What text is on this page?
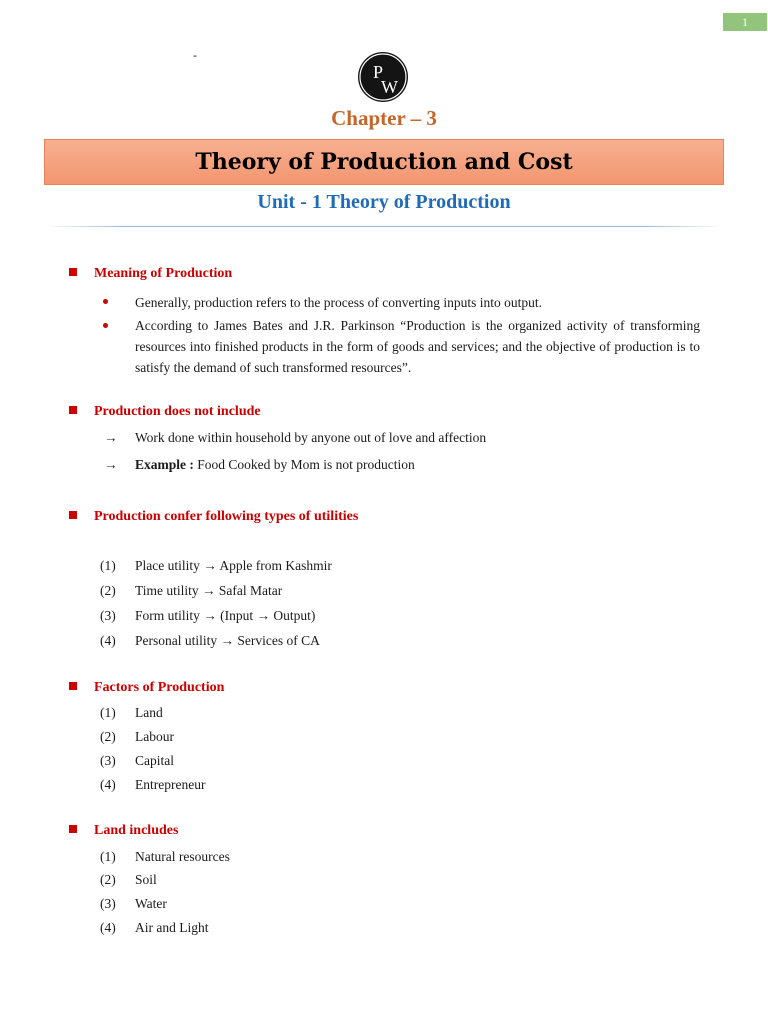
1
-
P
W
Chapter – 3
Theory of Production and Cost
Unit - 1 Theory of Production
Meaning of Production
Generally, production refers to the process of converting inputs into output.
According to James Bates and J.R. Parkinson “Production is the organized activity of transforming resources into finished products in the form of goods and services; and the objective of production is to satisfy the demand of such transformed resources”.
Production does not include
→ Work done within household by anyone out of love and affection
→ Example : Food Cooked by Mom is not production
Production confer following types of utilities
(1) Place utility → Apple from Kashmir
(2) Time utility → Safal Matar
(3) Form utility → (Input → Output)
(4) Personal utility → Services of CA
Factors of Production
(1) Land
(2) Labour
(3) Capital
(4) Entrepreneur
Land includes
(1) Natural resources
(2) Soil
(3) Water
(4) Air and Light
